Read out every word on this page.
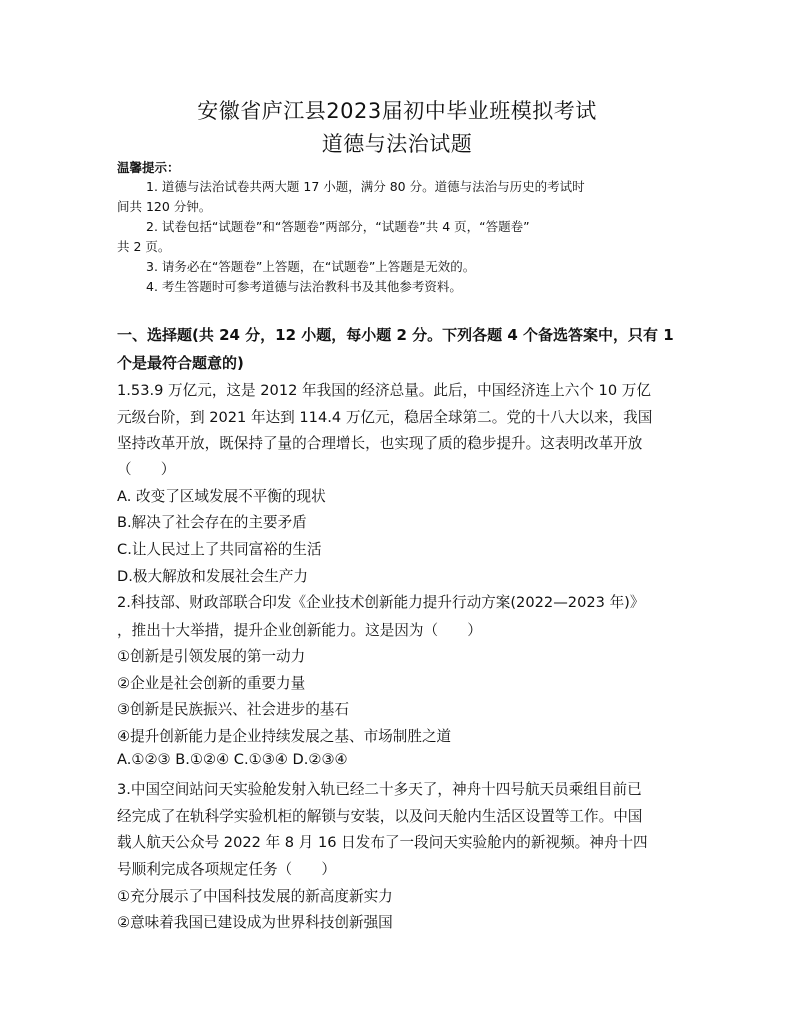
安徽省庐江县2023届初中毕业班模拟考试
道德与法治试题
温馨提示：
1. 道德与法治试卷共两大题 17 小题，满分 80 分。道德与法治与历史的考试时
间共 120 分钟。
2. 试卷包括“试题卷”和“答题卷”两部分，“试题卷”共 4 页，“答题卷”
共 2 页。
3. 请务必在“答题卷”上答题，在“试题卷”上答题是无效的。
4. 考生答题时可参考道德与法治教科书及其他参考资料。
一、选择题(共 24 分，12 小题，每小题 2 分。下列各题 4 个备选答案中，只有 1
个是最符合题意的)
1.53.9 万亿元，这是 2012 年我国的经济总量。此后，中国经济连上六个 10 万亿
元级台阶，到 2021 年达到 114.4 万亿元，稳居全球第二。党的十八大以来，我国
坚持改革开放，既保持了量的合理增长，也实现了质的稳步提升。这表明改革开放
（　　）
A. 改变了区域发展不平衡的现状
B.解决了社会存在的主要矛盾
C.让人民过上了共同富裕的生活
D.极大解放和发展社会生产力
2.科技部、财政部联合印发《企业技术创新能力提升行动方案(2022—2023 年)》
，推出十大举措，提升企业创新能力。这是因为（　　）
①创新是引领发展的第一动力
②企业是社会创新的重要力量
③创新是民族振兴、社会进步的基石
④提升创新能力是企业持续发展之基、市场制胜之道
A.①②③ B.①②④ C.①③④ D.②③④
3.中国空间站问天实验舱发射入轨已经二十多天了，神舟十四号航天员乘组目前已
经完成了在轨科学实验机柜的解锁与安装，以及问天舱内生活区设置等工作。中国
载人航天公众号 2022 年 8 月 16 日发布了一段问天实验舱内的新视频。神舟十四
号顺利完成各项规定任务（　　）
①充分展示了中国科技发展的新高度新实力
②意味着我国已建设成为世界科技创新强国
